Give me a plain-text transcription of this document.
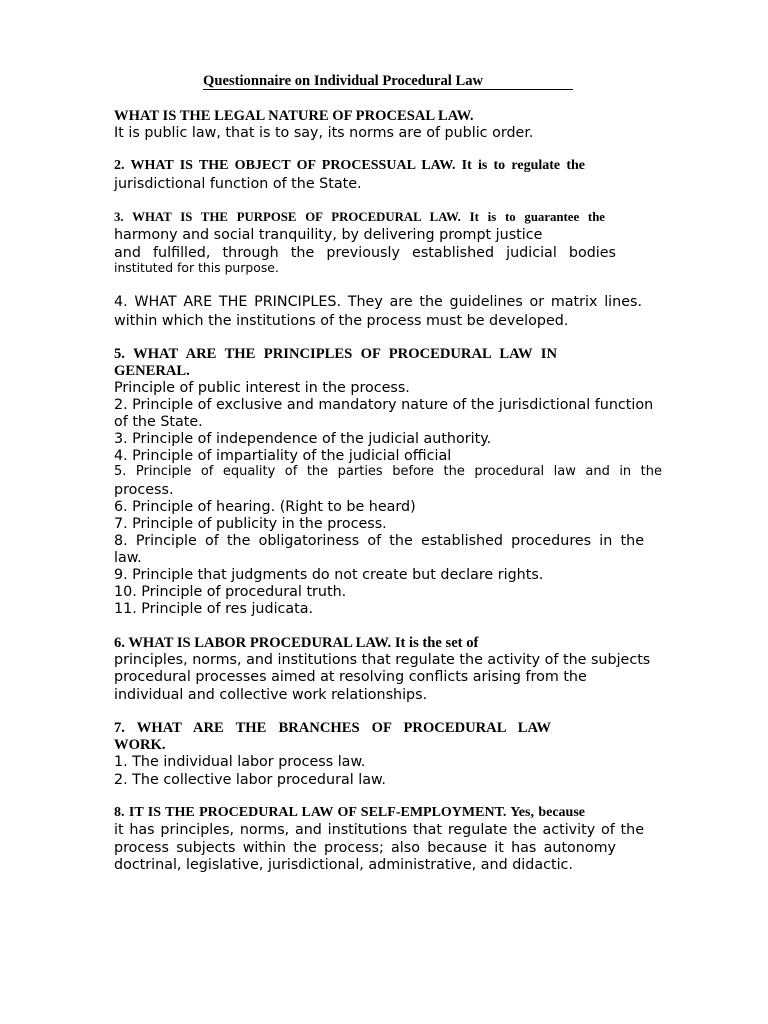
Questionnaire on Individual Procedural Law
WHAT IS THE LEGAL NATURE OF PROCESAL LAW.
It is public law, that is to say, its norms are of public order.
2. WHAT IS THE OBJECT OF PROCESSUAL LAW. It is to regulate the
jurisdictional function of the State.
3. WHAT IS THE PURPOSE OF PROCEDURAL LAW. It is to guarantee the
harmony and social tranquility, by delivering prompt justice
and fulfilled, through the previously established judicial bodies
instituted for this purpose.
4. WHAT ARE THE PRINCIPLES. They are the guidelines or matrix lines.
within which the institutions of the process must be developed.
5. WHAT ARE THE PRINCIPLES OF PROCEDURAL LAW IN
GENERAL.
Principle of public interest in the process.
2. Principle of exclusive and mandatory nature of the jurisdictional function
of the State.
3. Principle of independence of the judicial authority.
4. Principle of impartiality of the judicial official
5. Principle of equality of the parties before the procedural law and in the
process.
6. Principle of hearing. (Right to be heard)
7. Principle of publicity in the process.
8. Principle of the obligatoriness of the established procedures in the
law.
9. Principle that judgments do not create but declare rights.
10. Principle of procedural truth.
11. Principle of res judicata.
6. WHAT IS LABOR PROCEDURAL LAW. It is the set of
principles, norms, and institutions that regulate the activity of the subjects
procedural processes aimed at resolving conflicts arising from the
individual and collective work relationships.
7. WHAT ARE THE BRANCHES OF PROCEDURAL LAW
WORK.
1. The individual labor process law.
2. The collective labor procedural law.
8. IT IS THE PROCEDURAL LAW OF SELF-EMPLOYMENT. Yes, because
it has principles, norms, and institutions that regulate the activity of the
process subjects within the process; also because it has autonomy
doctrinal, legislative, jurisdictional, administrative, and didactic.
